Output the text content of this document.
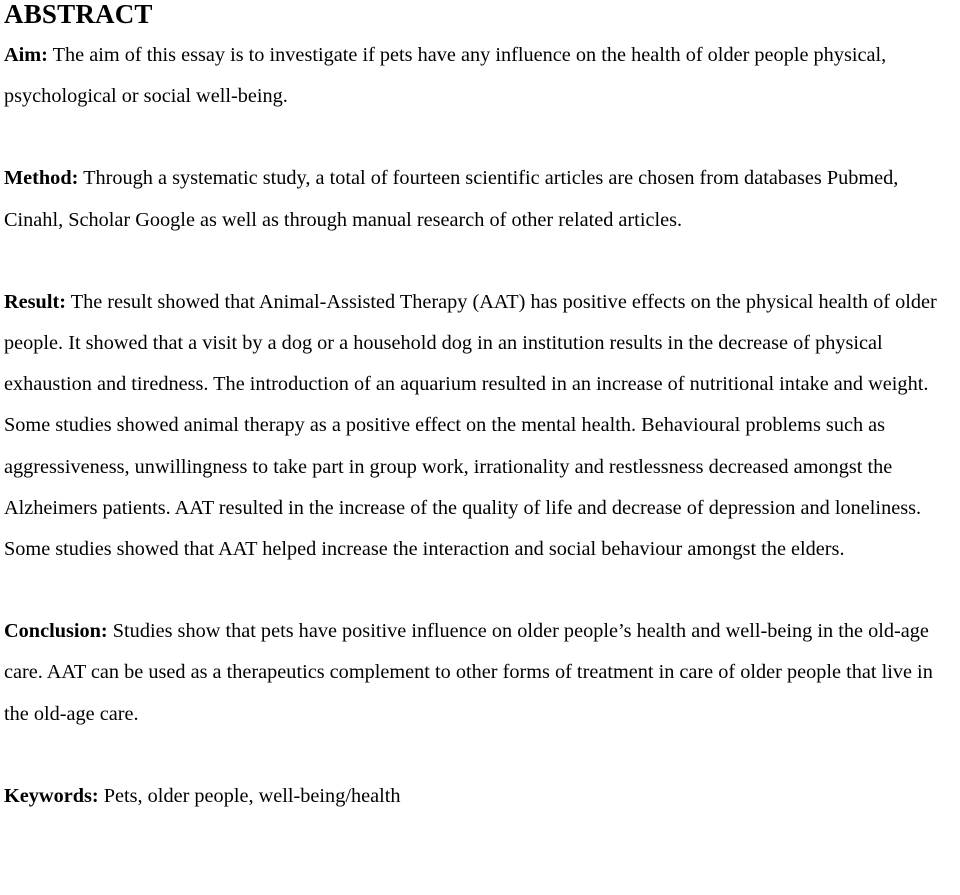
ABSTRACT

Aim: The aim of this essay is to investigate if pets have any influence on the health of older people physical, psychological or social well-being.

Method: Through a systematic study, a total of fourteen scientific articles are chosen from databases Pubmed, Cinahl, Scholar Google as well as through manual research of other related articles.

Result: The result showed that Animal-Assisted Therapy (AAT) has positive effects on the physical health of older people. It showed that a visit by a dog or a household dog in an institution results in the decrease of physical exhaustion and tiredness. The introduction of an aquarium resulted in an increase of nutritional intake and weight. Some studies showed animal therapy as a positive effect on the mental health. Behavioural problems such as aggressiveness, unwillingness to take part in group work, irrationality and restlessness decreased amongst the Alzheimers patients. AAT resulted in the increase of the quality of life and decrease of depression and loneliness. Some studies showed that AAT helped increase the interaction and social behaviour amongst the elders.

Conclusion: Studies show that pets have positive influence on older people’s health and well-being in the old-age care. AAT can be used as a therapeutics complement to other forms of treatment in care of older people that live in the old-age care.

Keywords: Pets, older people, well-being/health
